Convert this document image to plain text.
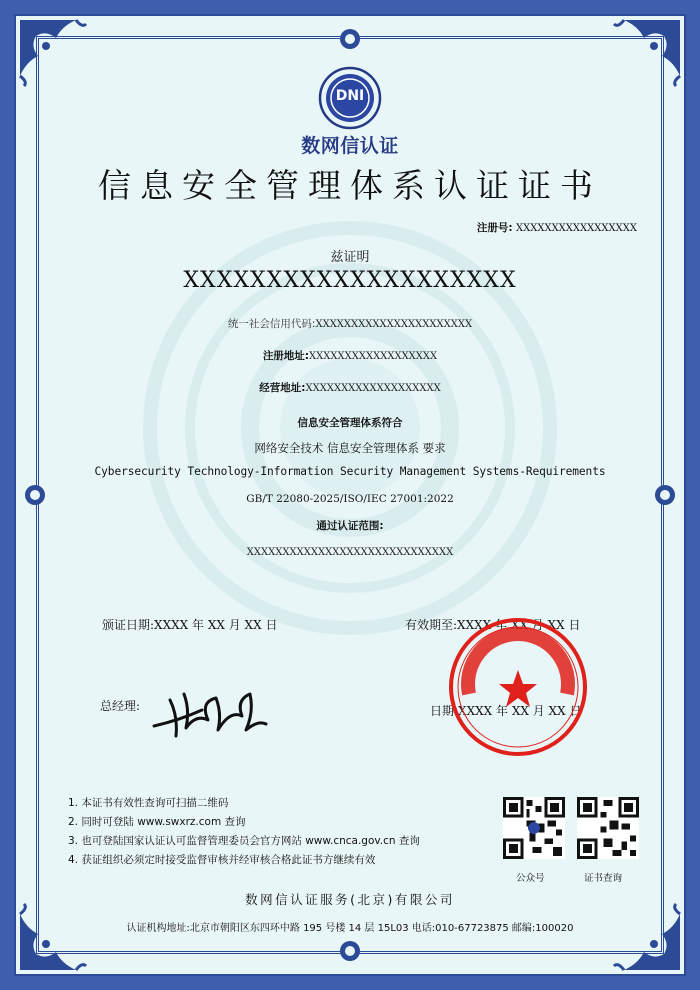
DNI
数网信认证
信息安全管理体系认证证书
注册号: XXXXXXXXXXXXXXXXX
兹证明
XXXXXXXXXXXXXXXXXXXX
统一社会信用代码:XXXXXXXXXXXXXXXXXXXXXX
注册地址:XXXXXXXXXXXXXXXXXX
经营地址:XXXXXXXXXXXXXXXXXXX
信息安全管理体系符合
网络安全技术 信息安全管理体系 要求
Cybersecurity Technology-Information Security Management Systems-Requirements
GB/T 22080-2025/ISO/IEC 27001:2022
通过认证范围:
XXXXXXXXXXXXXXXXXXXXXXXXXXXXX
颁证日期:XXXX 年 XX 月 XX 日	有效期至:XXXX 年 XX 月 XX 日
总经理:	日期:XXXX 年 XX 月 XX 日
1. 本证书有效性查询可扫描二维码
2. 同时可登陆 www.swxrz.com 查询
3. 也可登陆国家认证认可监督管理委员会官方网站 www.cnca.gov.cn 查询
4. 获证组织必须定时接受监督审核并经审核合格此证书方继续有效
公众号	证书查询
数网信认证服务(北京)有限公司
认证机构地址:北京市朝阳区东四环中路 195 号楼 14 层 15L03 电话:010-67723875 邮编:100020
